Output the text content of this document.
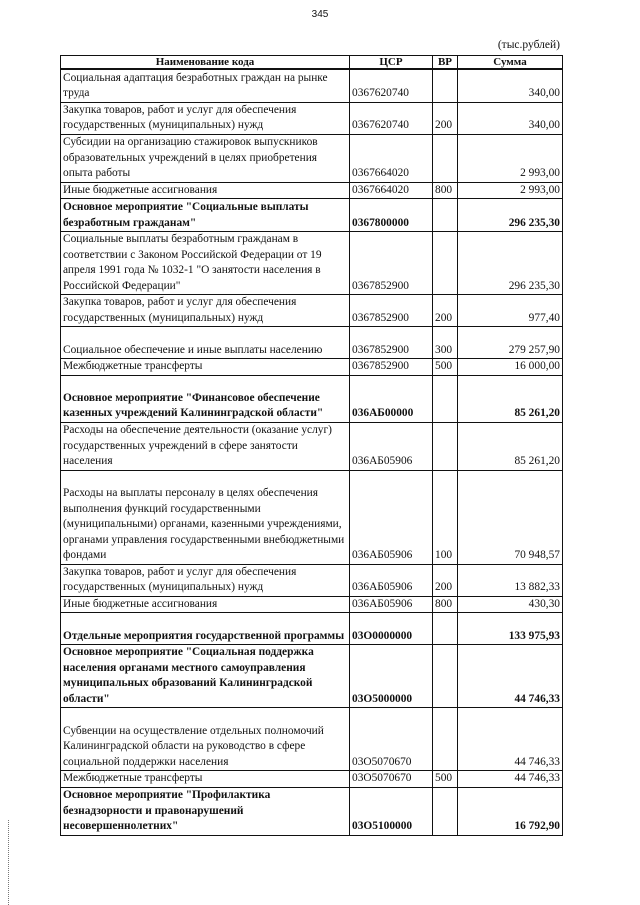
345
(тыс.рублей)
Наименование кода	ЦСР	ВР	Сумма
Социальная адаптация безработных граждан на рынке труда	0367620740		340,00
Закупка товаров, работ и услуг для обеспечения государственных (муниципальных) нужд	0367620740	200	340,00
Субсидии на организацию стажировок выпускников образовательных учреждений в целях приобретения опыта работы	0367664020		2 993,00
Иные бюджетные ассигнования	0367664020	800	2 993,00
Основное мероприятие "Социальные выплаты безработным гражданам"	0367800000		296 235,30
Социальные выплаты безработным гражданам в соответствии с Законом Российской Федерации от 19 апреля 1991 года № 1032-1 "О занятости населения в Российской Федерации"	0367852900		296 235,30
Закупка товаров, работ и услуг для обеспечения государственных (муниципальных) нужд	0367852900	200	977,40
Социальное обеспечение и иные выплаты населению	0367852900	300	279 257,90
Межбюджетные трансферты	0367852900	500	16 000,00
Основное мероприятие "Финансовое обеспечение казенных учреждений Калининградской области"	036АБ00000		85 261,20
Расходы на обеспечение деятельности (оказание услуг) государственных учреждений в сфере занятости населения	036АБ05906		85 261,20
Расходы на выплаты персоналу в целях обеспечения выполнения функций государственными (муниципальными) органами, казенными учреждениями, органами управления государственными внебюджетными фондами	036АБ05906	100	70 948,57
Закупка товаров, работ и услуг для обеспечения государственных (муниципальных) нужд	036АБ05906	200	13 882,33
Иные бюджетные ассигнования	036АБ05906	800	430,30
Отдельные мероприятия государственной программы	03О0000000		133 975,93
Основное мероприятие "Социальная поддержка населения органами местного самоуправления муниципальных образований Калининградской области"	03О5000000		44 746,33
Субвенции на осуществление отдельных полномочий Калининградской области на руководство в сфере социальной поддержки населения	03О5070670		44 746,33
Межбюджетные трансферты	03О5070670	500	44 746,33
Основное мероприятие "Профилактика безнадзорности и правонарушений несовершеннолетних"	03О5100000		16 792,90
